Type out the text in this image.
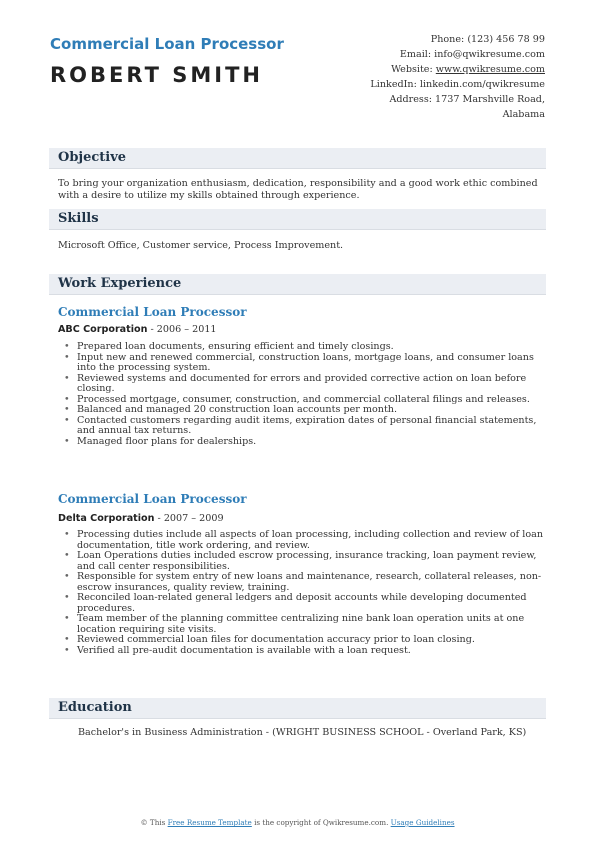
Commercial Loan Processor
ROBERT SMITH
Phone: (123) 456 78 99
Email: info@qwikresume.com
Website: www.qwikresume.com
LinkedIn: linkedin.com/qwikresume
Address: 1737 Marshville Road,
Alabama
Objective
To bring your organization enthusiasm, dedication, responsibility and a good work ethic combined with a desire to utilize my skills obtained through experience.
Skills
Microsoft Office, Customer service, Process Improvement.
Work Experience
Commercial Loan Processor
ABC Corporation - 2006 – 2011
• Prepared loan documents, ensuring efficient and timely closings.
• Input new and renewed commercial, construction loans, mortgage loans, and consumer loans into the processing system.
• Reviewed systems and documented for errors and provided corrective action on loan before closing.
• Processed mortgage, consumer, construction, and commercial collateral filings and releases.
• Balanced and managed 20 construction loan accounts per month.
• Contacted customers regarding audit items, expiration dates of personal financial statements, and annual tax returns.
• Managed floor plans for dealerships.
Commercial Loan Processor
Delta Corporation - 2007 – 2009
• Processing duties include all aspects of loan processing, including collection and review of loan documentation, title work ordering, and review.
• Loan Operations duties included escrow processing, insurance tracking, loan payment review, and call center responsibilities.
• Responsible for system entry of new loans and maintenance, research, collateral releases, non-escrow insurances, quality review, training.
• Reconciled loan-related general ledgers and deposit accounts while developing documented procedures.
• Team member of the planning committee centralizing nine bank loan operation units at one location requiring site visits.
• Reviewed commercial loan files for documentation accuracy prior to loan closing.
• Verified all pre-audit documentation is available with a loan request.
Education
Bachelor's in Business Administration - (WRIGHT BUSINESS SCHOOL - Overland Park, KS)
© This Free Resume Template is the copyright of Qwikresume.com. Usage Guidelines
